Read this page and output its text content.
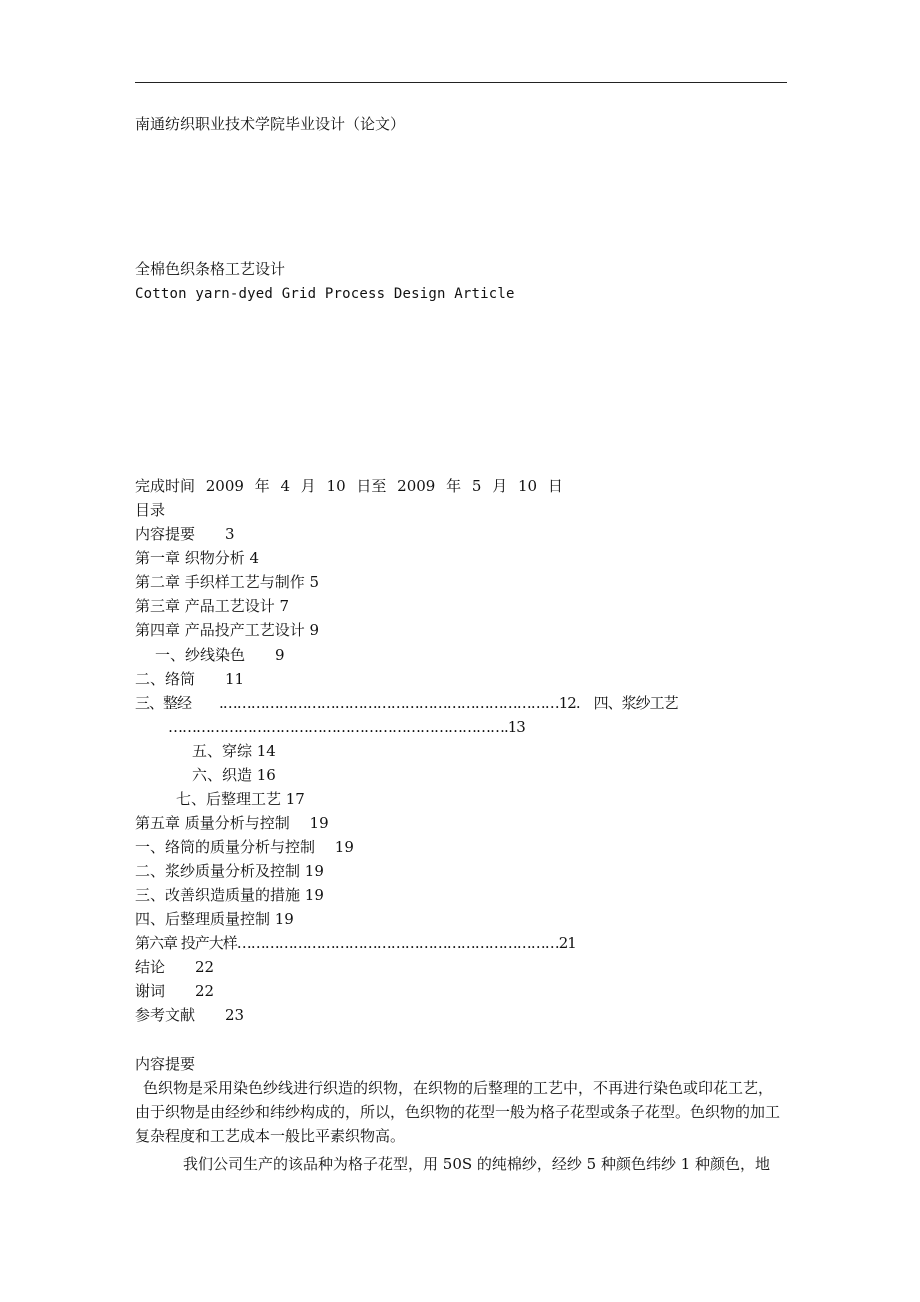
南通纺织职业技术学院毕业设计（论文）
全棉色织条格工艺设计
Cotton yarn-dyed Grid Process Design Article
完成时间 2009 年 4 月 10 日至 2009 年 5 月 10 日
目录
内容提要　　3
第一章 织物分析 4
第二章 手织样工艺与制作 5
第三章 产品工艺设计 7
第四章 产品投产工艺设计 9
一、纱线染色　　9
二、络筒　　11
三、整经　　.………………………………………………………………12.　四、浆纱工艺
……………………………………………………………….13
五、穿综 14
六、织造 16
七、后整理工艺 17
第五章 质量分析与控制　 19
一、络筒的质量分析与控制　 19
二、浆纱质量分析及控制 19
三、改善织造质量的措施 19
四、后整理质量控制 19
第六章 投产大样……………………………………………………………21
结论　　22
谢词　　22
参考文献　　23
内容提要
色织物是采用染色纱线进行织造的织物，在织物的后整理的工艺中，不再进行染色或印花工艺，由于织物是由经纱和纬纱构成的，所以，色织物的花型一般为格子花型或条子花型。色织物的加工复杂程度和工艺成本一般比平素织物高。
我们公司生产的该品种为格子花型，用 50S 的纯棉纱，经纱 5 种颜色纬纱 1 种颜色，地
